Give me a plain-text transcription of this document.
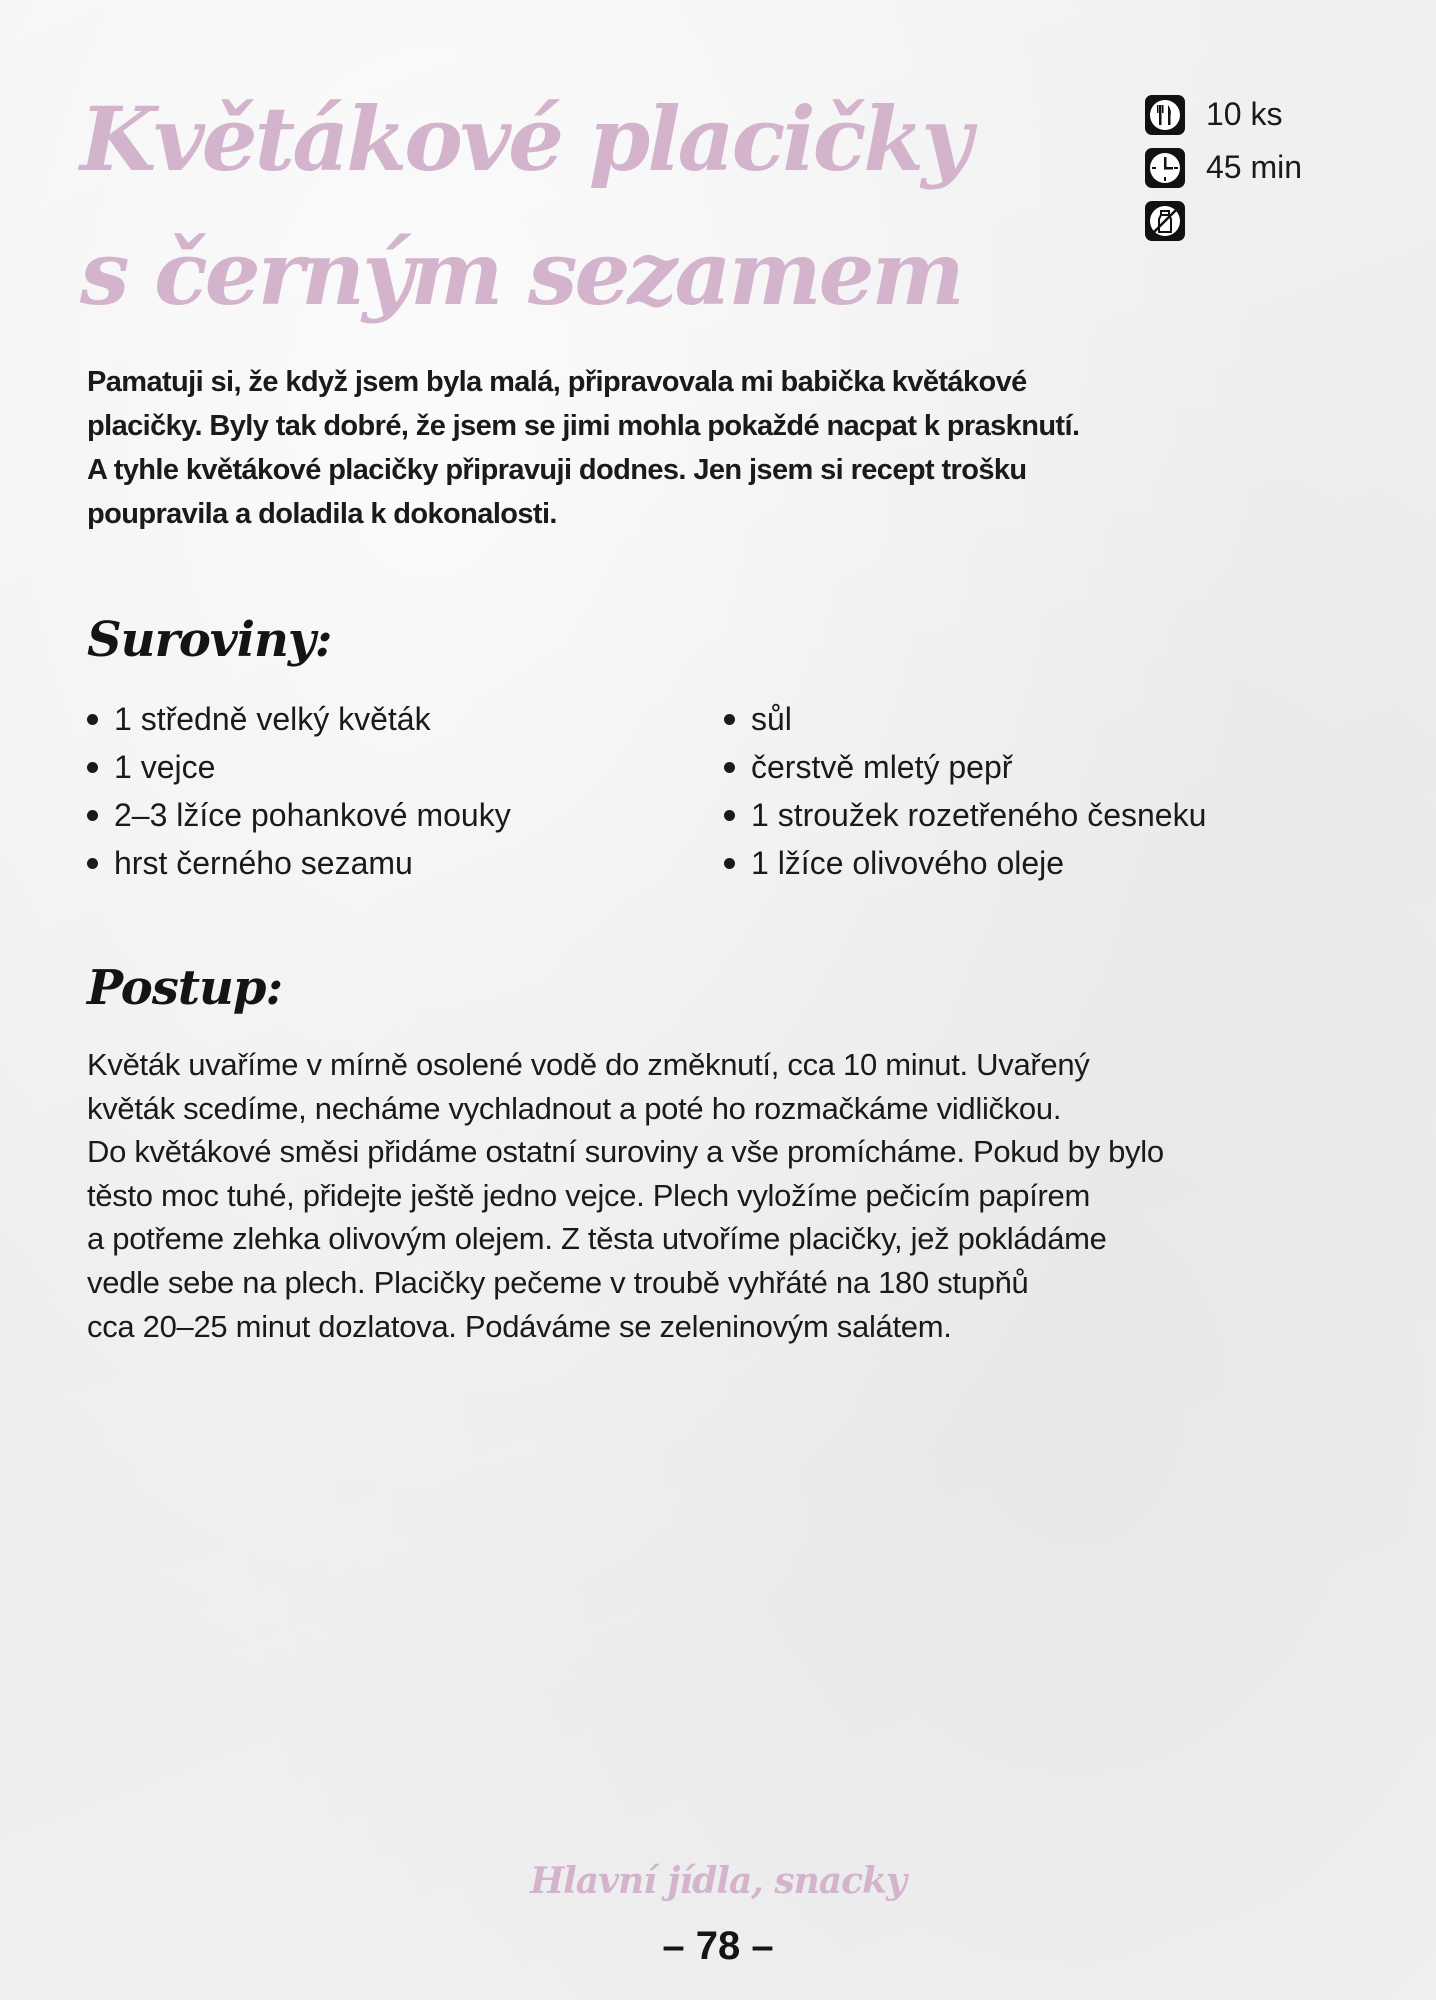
Květákové placičky
s černým sezamem
10 ks
45 min
Pamatuji si, že když jsem byla malá, připravovala mi babička květákové
placičky. Byly tak dobré, že jsem se jimi mohla pokaždé nacpat k prasknutí.
A tyhle květákové placičky připravuji dodnes. Jen jsem si recept trošku
poupravila a doladila k dokonalosti.
Suroviny:
1 středně velký květák
1 vejce
2–3 lžíce pohankové mouky
hrst černého sezamu
sůl
čerstvě mletý pepř
1 stroužek rozetřeného česneku
1 lžíce olivového oleje
Postup:
Květák uvaříme v mírně osolené vodě do změknutí, cca 10 minut. Uvařený
květák scedíme, necháme vychladnout a poté ho rozmačkáme vidličkou.
Do květákové směsi přidáme ostatní suroviny a vše promícháme. Pokud by bylo
těsto moc tuhé, přidejte ještě jedno vejce. Plech vyložíme pečicím papírem
a potřeme zlehka olivovým olejem. Z těsta utvoříme placičky, jež pokládáme
vedle sebe na plech. Placičky pečeme v troubě vyhřáté na 180 stupňů
cca 20–25 minut dozlatova. Podáváme se zeleninovým salátem.
Hlavní jídla, snacky
– 78 –
